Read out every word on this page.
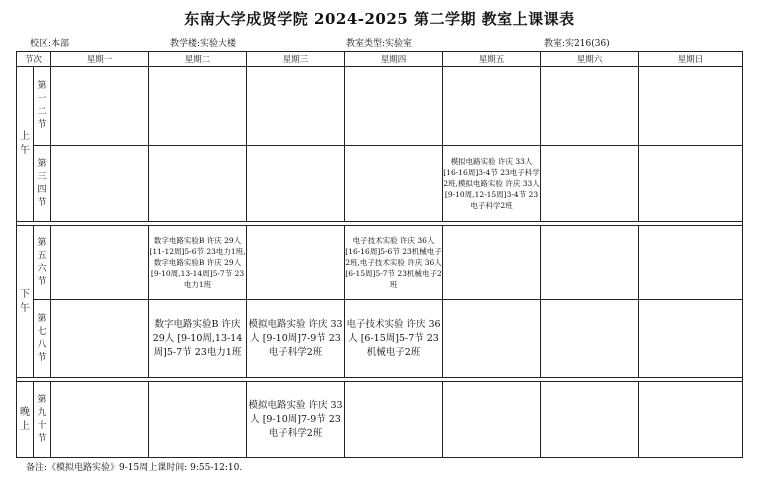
东南大学成贤学院 2024-2025 第二学期 教室上课课表
校区:本部	教学楼:实验大楼	教室类型:实验室	教室:实216(36)
节次		星期一	星期二	星期三	星期四	星期五	星期六	星期日

上午	第一二节							

	第三四节					模拟电路实验 许庆 33人 [16-16周]3-4节 23电子科学2班,模拟电路实验 许庆 33人 [9-10周,12-15周]3-4节 23电子科学2班		

下午	第五六节		数字电路实验B 许庆 29人 [11-12周]5-6节 23电力1班,数字电路实验B 许庆 29人 [9-10周,13-14周]5-7节 23电力1班		电子技术实验 许庆 36人 [16-16周]5-6节 23机械电子2班,电子技术实验 许庆 36人 [6-15周]5-7节 23机械电子2班			

	第七八节		数字电路实验B 许庆 29人 [9-10周,13-14周]5-7节 23电力1班	模拟电路实验 许庆 33人 [9-10周]7-9节 23电子科学2班	电子技术实验 许庆 36人 [6-15周]5-7节 23机械电子2班			

晚上	第九十节			模拟电路实验 许庆 33人 [9-10周]7-9节 23电子科学2班				
备注:《模拟电路实验》9-15周上课时间: 9:55-12:10.
